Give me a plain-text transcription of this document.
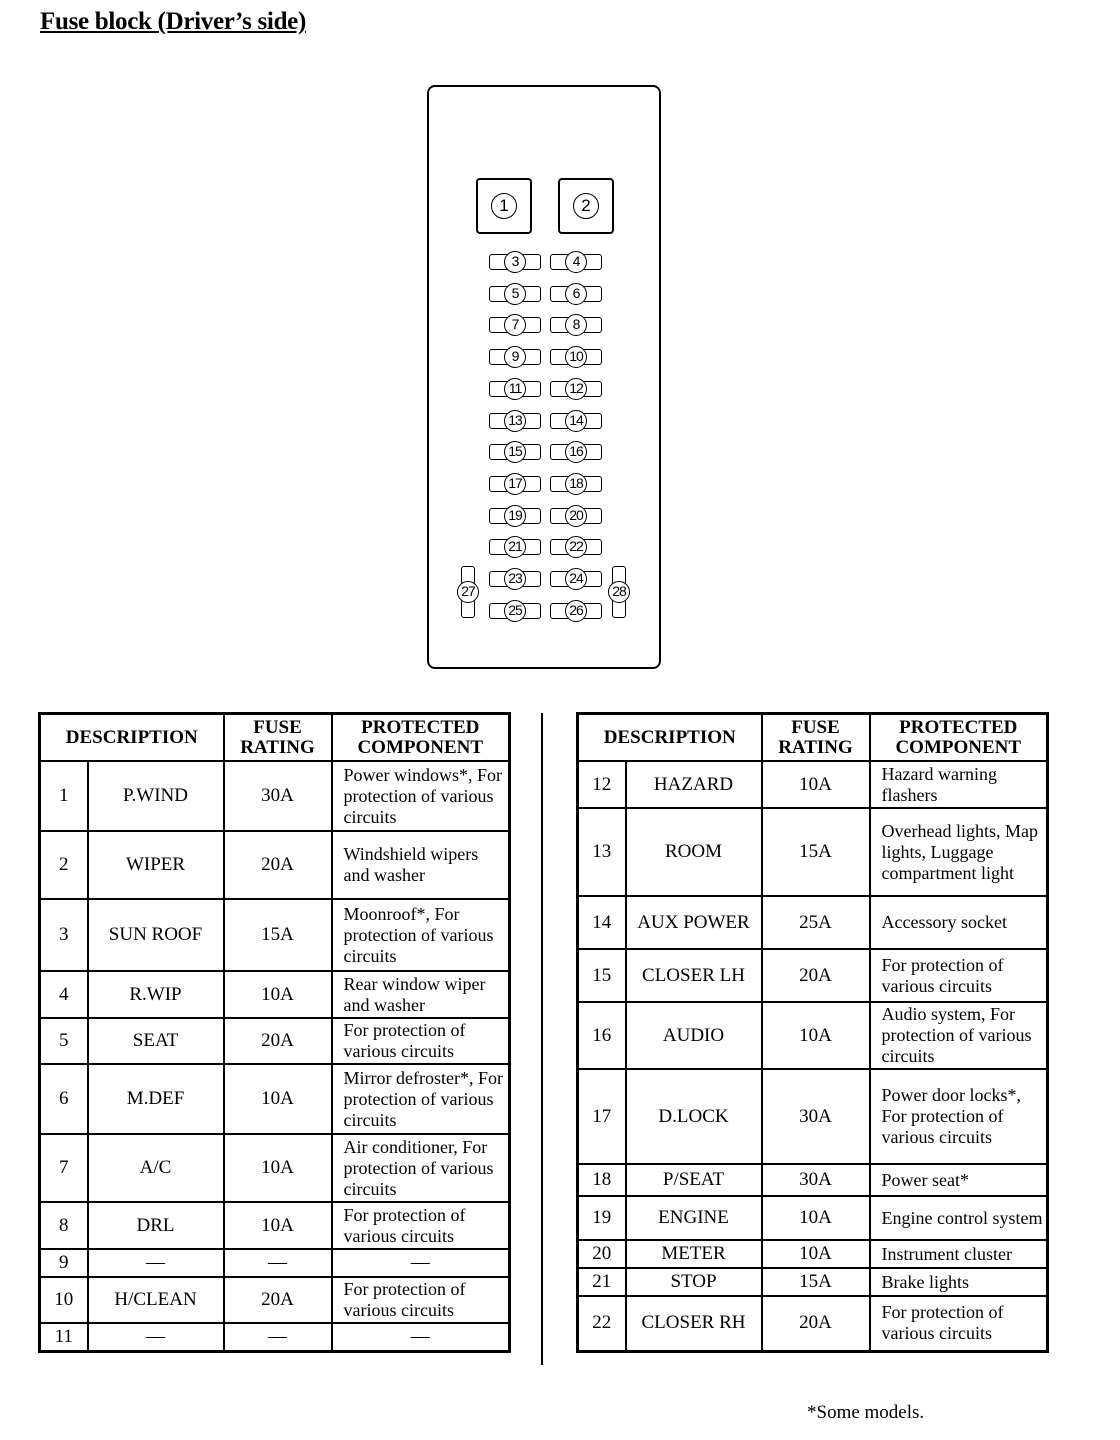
Fuse block (Driver’s side)
1	2
3	4
5	6
7	8
9	10
11	12
13	14
15	16
17	18
19	20
21	22
23	24
25	26
27	28
DESCRIPTION		FUSE RATING	PROTECTED COMPONENT
1	P.WIND	30A	Power windows*, For protection of various circuits
2	WIPER	20A	Windshield wipers and washer
3	SUN ROOF	15A	Moonroof*, For protection of various circuits
4	R.WIP	10A	Rear window wiper and washer
5	SEAT	20A	For protection of various circuits
6	M.DEF	10A	Mirror defroster*, For protection of various circuits
7	A/C	10A	Air conditioner, For protection of various circuits
8	DRL	10A	For protection of various circuits
9	—	—	—
10	H/CLEAN	20A	For protection of various circuits
11	—	—	—
DESCRIPTION		FUSE RATING	PROTECTED COMPONENT
12	HAZARD	10A	Hazard warning flashers
13	ROOM	15A	Overhead lights, Map lights, Luggage compartment light
14	AUX POWER	25A	Accessory socket
15	CLOSER LH	20A	For protection of various circuits
16	AUDIO	10A	Audio system, For protection of various circuits
17	D.LOCK	30A	Power door locks*, For protection of various circuits
18	P/SEAT	30A	Power seat*
19	ENGINE	10A	Engine control system
20	METER	10A	Instrument cluster
21	STOP	15A	Brake lights
22	CLOSER RH	20A	For protection of various circuits
*Some models.
